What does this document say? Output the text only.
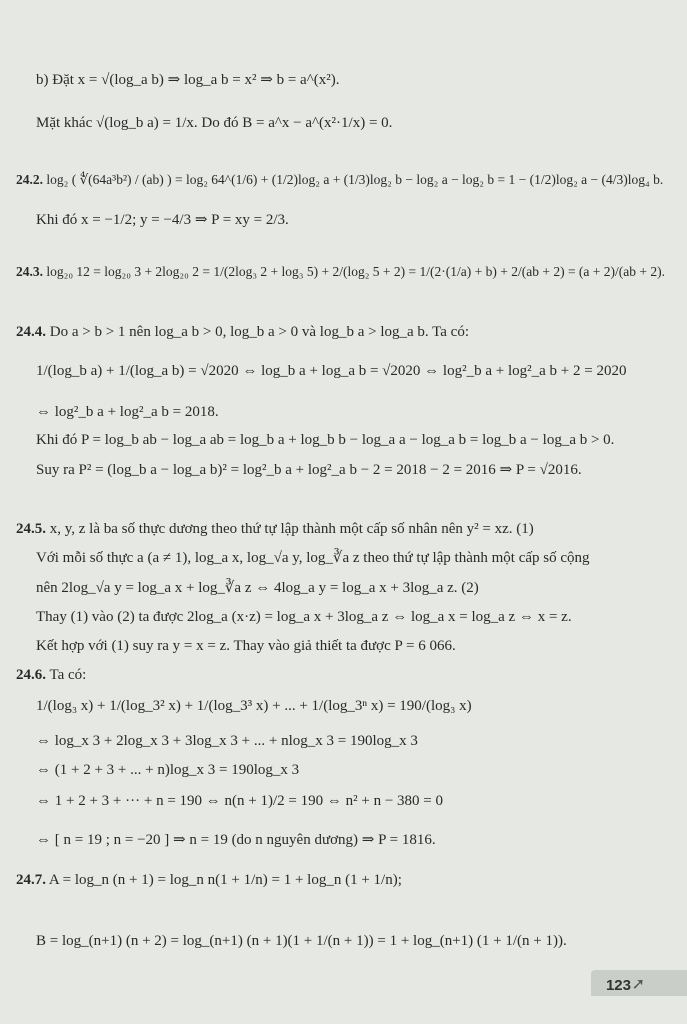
b) Đặt x = √(log_a b) ⇒ log_a b = x² ⇒ b = a^(x²).
Mặt khác √(log_b a) = 1/x. Do đó B = a^x − a^(x²·1/x) = 0.
24.2. log₂ ( ∜(64a³b²) / (ab) ) = log₂ 64^(1/6) + (1/2)log₂ a + (1/3)log₂ b − log₂ a − log₂ b = 1 − (1/2)log₂ a − (4/3)log₄ b.
Khi đó x = −1/2; y = −4/3 ⇒ P = xy = 2/3.
24.3. log₂₀ 12 = log₂₀ 3 + 2log₂₀ 2 = 1/(2log₃ 2 + log₃ 5) + 2/(log₂ 5 + 2) = 1/(2·(1/a) + b) + 2/(ab + 2) = (a + 2)/(ab + 2).
24.4. Do a > b > 1 nên log_a b > 0, log_b a > 0 và log_b a > log_a b. Ta có:
1/(log_b a) + 1/(log_a b) = √2020 ⇔ log_b a + log_a b = √2020 ⇔ log²_b a + log²_a b + 2 = 2020
⇔ log²_b a + log²_a b = 2018.
Khi đó P = log_b ab − log_a ab = log_b a + log_b b − log_a a − log_a b = log_b a − log_a b > 0.
Suy ra P² = (log_b a − log_a b)² = log²_b a + log²_a b − 2 = 2018 − 2 = 2016 ⇒ P = √2016.
24.5. x, y, z là ba số thực dương theo thứ tự lập thành một cấp số nhân nên y² = xz. (1)
Với mỗi số thực a (a ≠ 1), log_a x, log_√a y, log_∛a z theo thứ tự lập thành một cấp số cộng
nên 2log_√a y = log_a x + log_∛a z ⇔ 4log_a y = log_a x + 3log_a z. (2)
Thay (1) vào (2) ta được 2log_a (x·z) = log_a x + 3log_a z ⇔ log_a x = log_a z ⇔ x = z.
Kết hợp với (1) suy ra y = x = z. Thay vào giả thiết ta được P = 6 066.
24.6. Ta có:
1/(log₃ x) + 1/(log_3² x) + 1/(log_3³ x) + ... + 1/(log_3ⁿ x) = 190/(log₃ x)
⇔ log_x 3 + 2log_x 3 + 3log_x 3 + ... + nlog_x 3 = 190log_x 3
⇔ (1 + 2 + 3 + ... + n)log_x 3 = 190log_x 3
⇔ 1 + 2 + 3 + ··· + n = 190 ⇔ n(n + 1)/2 = 190 ⇔ n² + n − 380 = 0
⇔ [ n = 19 ; n = −20 ] ⇒ n = 19 (do n nguyên dương) ⇒ P = 1816.
24.7. A = log_n (n + 1) = log_n n(1 + 1/n) = 1 + log_n (1 + 1/n);
B = log_(n+1) (n + 2) = log_(n+1) (n + 1)(1 + 1/(n + 1)) = 1 + log_(n+1) (1 + 1/(n + 1)).
123 ➚
